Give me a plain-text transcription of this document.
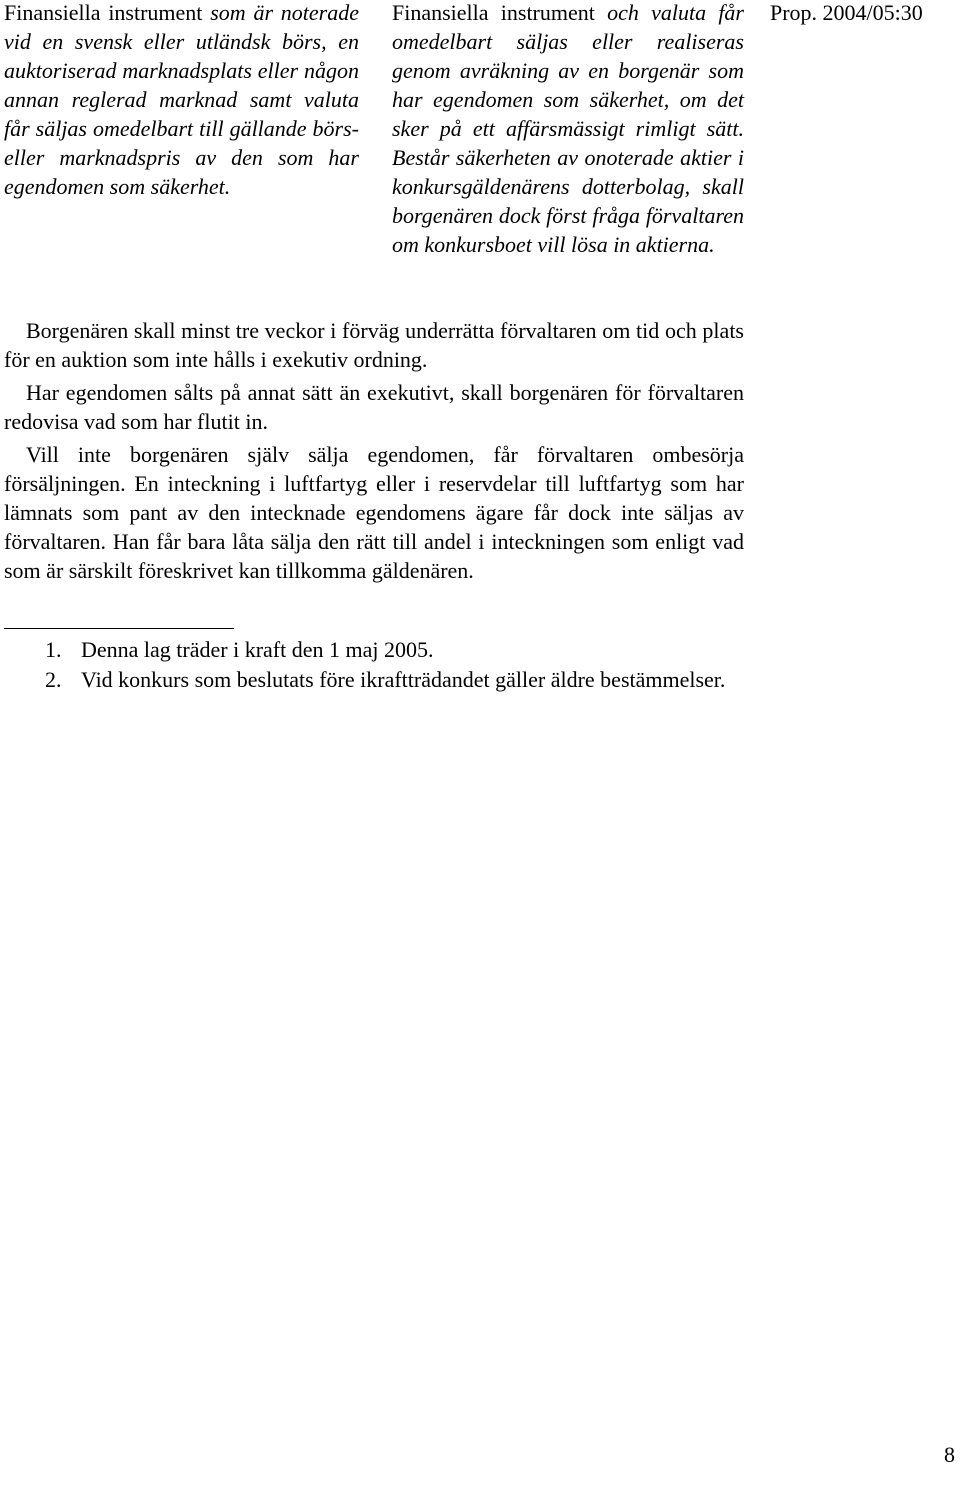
Finansiella instrument som är noterade vid en svensk eller utländsk börs, en auktoriserad marknadsplats eller någon annan reglerad marknad samt valuta får säljas omedelbart till gällande börs- eller marknadspris av den som har egendomen som säkerhet.
Finansiella instrument och valuta får omedelbart säljas eller realiseras genom avräkning av en borgenär som har egendomen som säkerhet, om det sker på ett affärsmässigt rimligt sätt. Består säkerheten av onoterade aktier i konkursgäldenärens dotterbolag, skall borgenären dock först fråga förvaltaren om konkursboet vill lösa in aktierna.
Prop. 2004/05:30

Borgenären skall minst tre veckor i förväg underrätta förvaltaren om tid och plats för en auktion som inte hålls i exekutiv ordning.

Har egendomen sålts på annat sätt än exekutivt, skall borgenären för förvaltaren redovisa vad som har flutit in.

Vill inte borgenären själv sälja egendomen, får förvaltaren ombesörja försäljningen. En inteckning i luftfartyg eller i reservdelar till luftfartyg som har lämnats som pant av den intecknade egendomens ägare får dock inte säljas av förvaltaren. Han får bara låta sälja den rätt till andel i inteckningen som enligt vad som är särskilt föreskrivet kan tillkomma gäldenären.

1. Denna lag träder i kraft den 1 maj 2005.
2. Vid konkurs som beslutats före ikraftträdandet gäller äldre bestämmelser.
8
